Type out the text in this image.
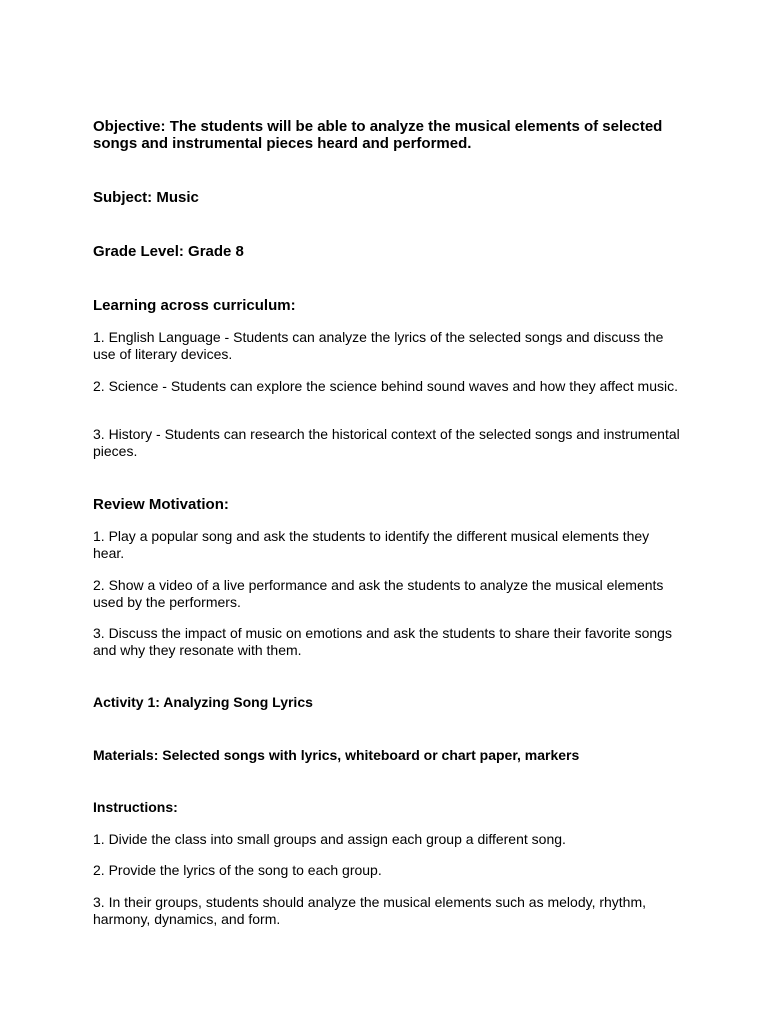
Objective: The students will be able to analyze the musical elements of selected songs and instrumental pieces heard and performed.

Subject: Music

Grade Level: Grade 8

Learning across curriculum:

1. English Language - Students can analyze the lyrics of the selected songs and discuss the use of literary devices.

2. Science - Students can explore the science behind sound waves and how they affect music.

3. History - Students can research the historical context of the selected songs and instrumental pieces.

Review Motivation:

1. Play a popular song and ask the students to identify the different musical elements they hear.

2. Show a video of a live performance and ask the students to analyze the musical elements used by the performers.

3. Discuss the impact of music on emotions and ask the students to share their favorite songs and why they resonate with them.

Activity 1: Analyzing Song Lyrics

Materials: Selected songs with lyrics, whiteboard or chart paper, markers

Instructions:

1. Divide the class into small groups and assign each group a different song.

2. Provide the lyrics of the song to each group.

3. In their groups, students should analyze the musical elements such as melody, rhythm, harmony, dynamics, and form.
